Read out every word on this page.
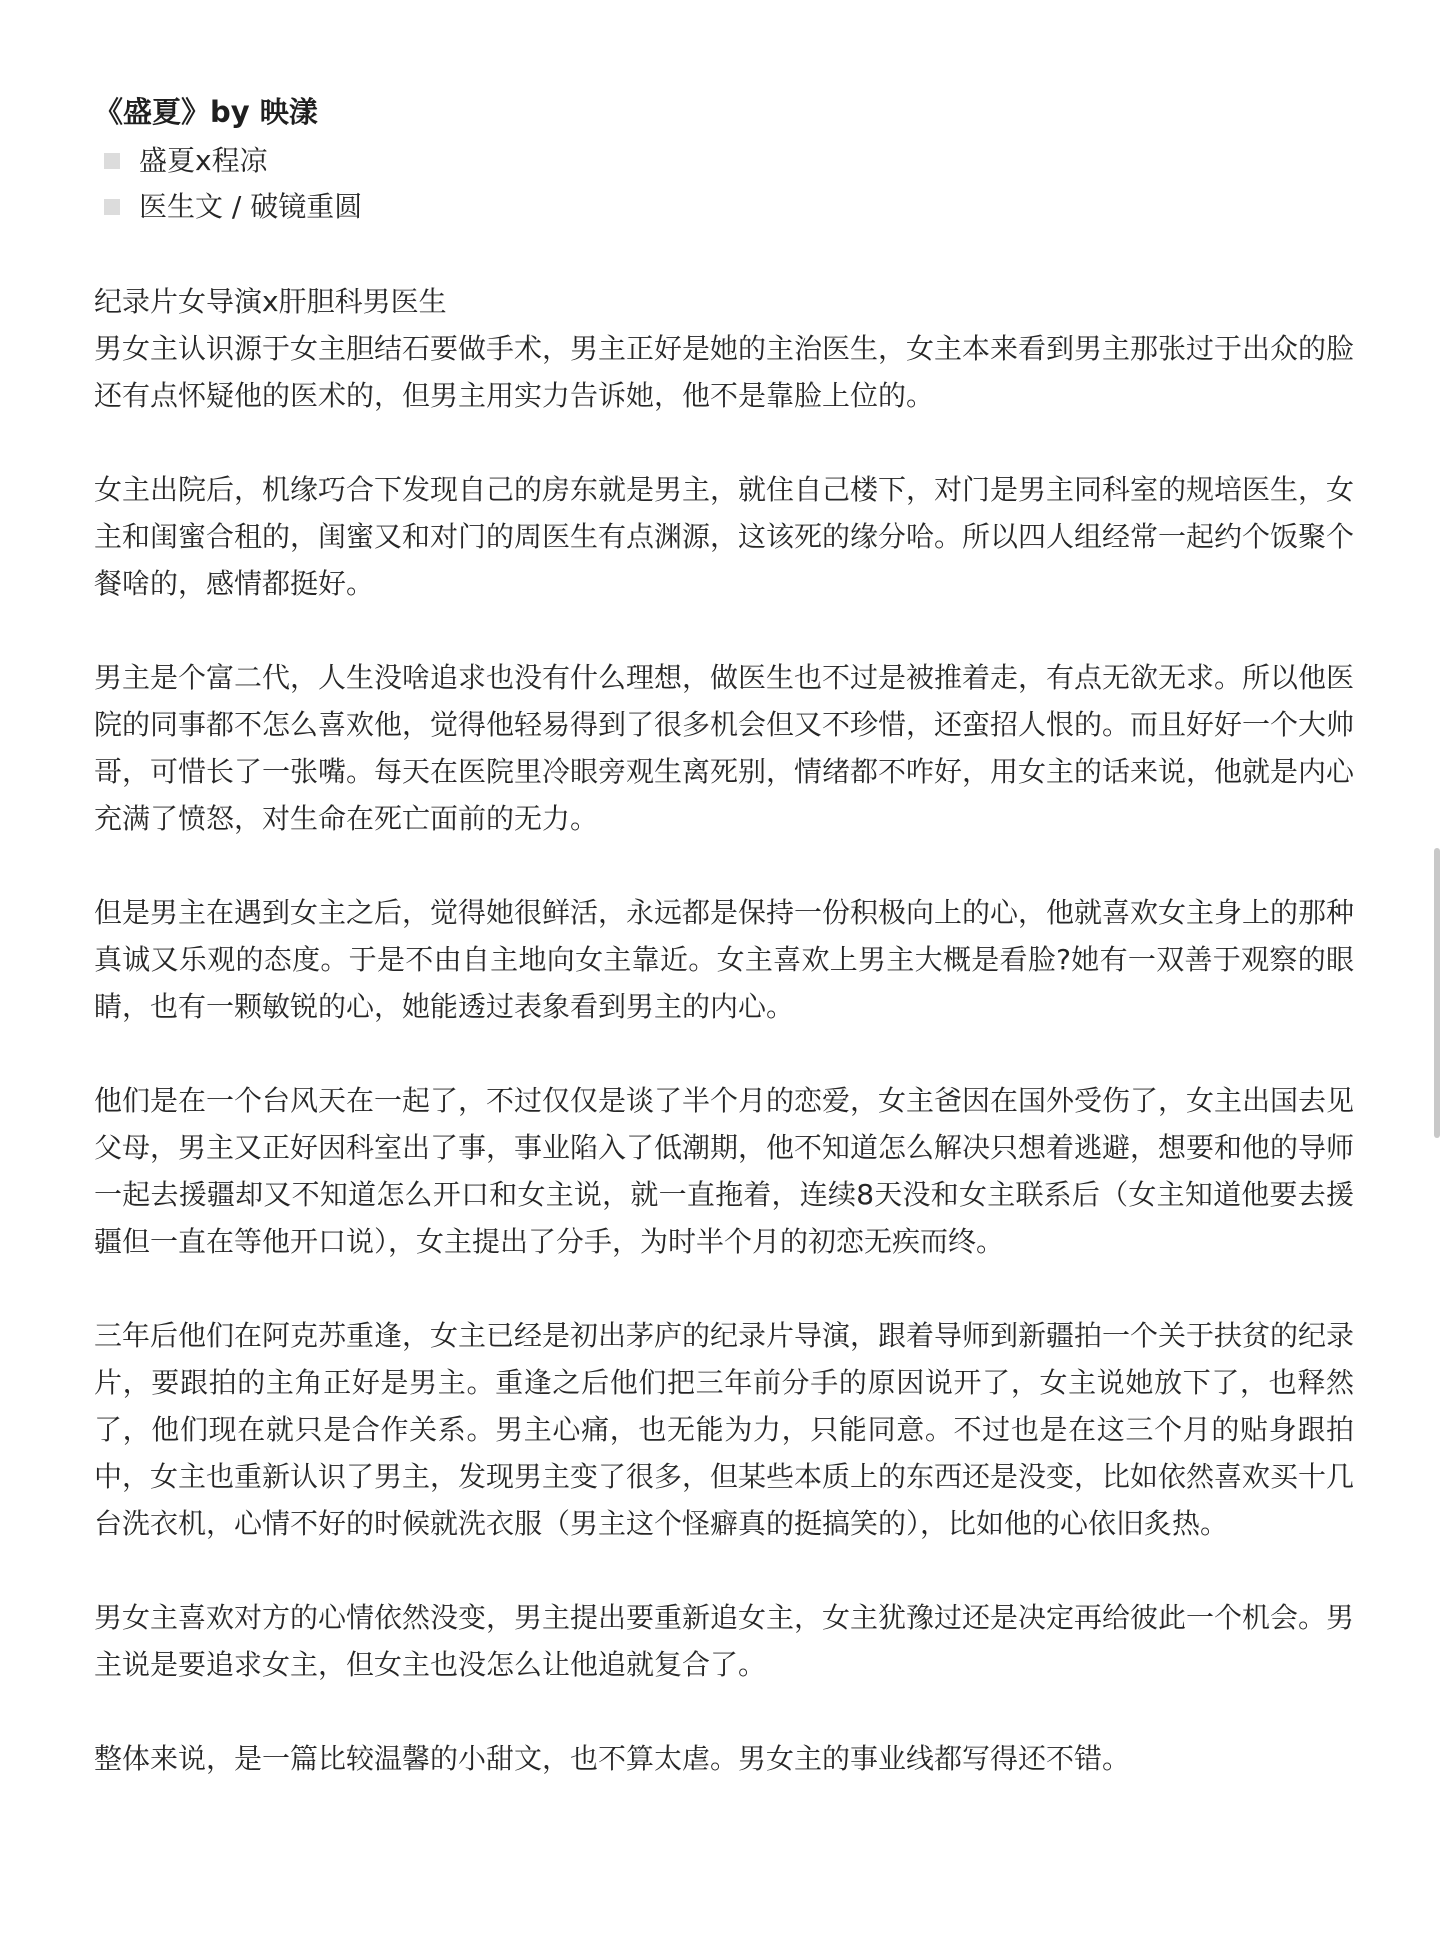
《盛夏》by 映漾
盛夏x程凉
医生文 / 破镜重圆

纪录片女导演x肝胆科男医生
男女主认识源于女主胆结石要做手术，男主正好是她的主治医生，女主本来看到男主那张过于出众的脸还有点怀疑他的医术的，但男主用实力告诉她，他不是靠脸上位的。

女主出院后，机缘巧合下发现自己的房东就是男主，就住自己楼下，对门是男主同科室的规培医生，女主和闺蜜合租的，闺蜜又和对门的周医生有点渊源，这该死的缘分哈。所以四人组经常一起约个饭聚个餐啥的，感情都挺好。

男主是个富二代，人生没啥追求也没有什么理想，做医生也不过是被推着走，有点无欲无求。所以他医院的同事都不怎么喜欢他，觉得他轻易得到了很多机会但又不珍惜，还蛮招人恨的。而且好好一个大帅哥，可惜长了一张嘴。每天在医院里冷眼旁观生离死别，情绪都不咋好，用女主的话来说，他就是内心充满了愤怒，对生命在死亡面前的无力。

但是男主在遇到女主之后，觉得她很鲜活，永远都是保持一份积极向上的心，他就喜欢女主身上的那种真诚又乐观的态度。于是不由自主地向女主靠近。女主喜欢上男主大概是看脸?她有一双善于观察的眼睛，也有一颗敏锐的心，她能透过表象看到男主的内心。

他们是在一个台风天在一起了，不过仅仅是谈了半个月的恋爱，女主爸因在国外受伤了，女主出国去见父母，男主又正好因科室出了事，事业陷入了低潮期，他不知道怎么解决只想着逃避，想要和他的导师一起去援疆却又不知道怎么开口和女主说，就一直拖着，连续8天没和女主联系后（女主知道他要去援疆但一直在等他开口说），女主提出了分手，为时半个月的初恋无疾而终。

三年后他们在阿克苏重逢，女主已经是初出茅庐的纪录片导演，跟着导师到新疆拍一个关于扶贫的纪录片，要跟拍的主角正好是男主。重逢之后他们把三年前分手的原因说开了，女主说她放下了，也释然了，他们现在就只是合作关系。男主心痛，也无能为力，只能同意。不过也是在这三个月的贴身跟拍中，女主也重新认识了男主，发现男主变了很多，但某些本质上的东西还是没变，比如依然喜欢买十几台洗衣机，心情不好的时候就洗衣服（男主这个怪癖真的挺搞笑的），比如他的心依旧炙热。

男女主喜欢对方的心情依然没变，男主提出要重新追女主，女主犹豫过还是决定再给彼此一个机会。男主说是要追求女主，但女主也没怎么让他追就复合了。

整体来说，是一篇比较温馨的小甜文，也不算太虐。男女主的事业线都写得还不错。
